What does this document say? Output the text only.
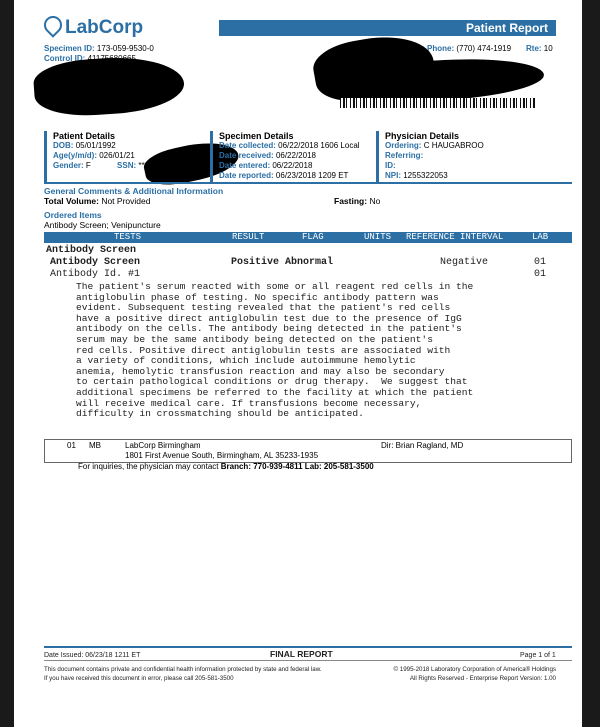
LabCorp	Patient Report
Specimen ID: 173-059-9530-0
Control ID:
Phone: (770) 474-1919 Rte: 10
Patient Details
DOB: 05/01/1992
Age(y/m/d): 026/01/21
Gender: F	SSN: ***
Specimen Details
Date collected: 06/22/2018 1606 Local
Date received: 06/22/2018
Date entered: 06/22/2018
Date reported: 06/23/2018 1209 ET
Physician Details
Ordering: C HAUGABROO
Referring:
ID:
NPI: 1255322053
General Comments & Additional Information
Total Volume: Not Provided	Fasting: No
Ordered Items
Antibody Screen; Venipuncture
TESTS	RESULT	FLAG	UNITS REFERENCE INTERVAL	LAB
Antibody Screen
Antibody Screen	Positive Abnormal	Negative	01
Antibody Id. #1	01
The patient's serum reacted with some or all reagent red cells in the
antiglobulin phase of testing. No specific antibody pattern was
evident. Subsequent testing revealed that the patient's red cells
have a positive direct antiglobulin test due to the presence of IgG
antibody on the cells. The antibody being detected in the patient's
serum may be the same antibody being detected on the patient's
red cells. Positive direct antiglobulin tests are associated with
a variety of conditions, which include autoimmune hemolytic
anemia, hemolytic transfusion reaction and may also be secondary
to certain pathological conditions or drug therapy.  We suggest that
additional specimens be referred to the facility at which the patient
will receive medical care. If transfusions become necessary,
difficulty in crossmatching should be anticipated.
01 MB	LabCorp Birmingham
1801 First Avenue South, Birmingham, AL 35233-1935
Dir: Brian Ragland, MD
For inquiries, the physician may contact Branch: 770-939-4811 Lab: 205-581-3500
Date Issued: 06/23/18 1211 ET	FINAL REPORT	Page 1 of 1
This document contains private and confidential health information protected by state and federal law.
If you have received this document in error, please call 205-581-3500
© 1995-2018 Laboratory Corporation of America® Holdings
All Rights Reserved - Enterprise Report Version: 1.00
